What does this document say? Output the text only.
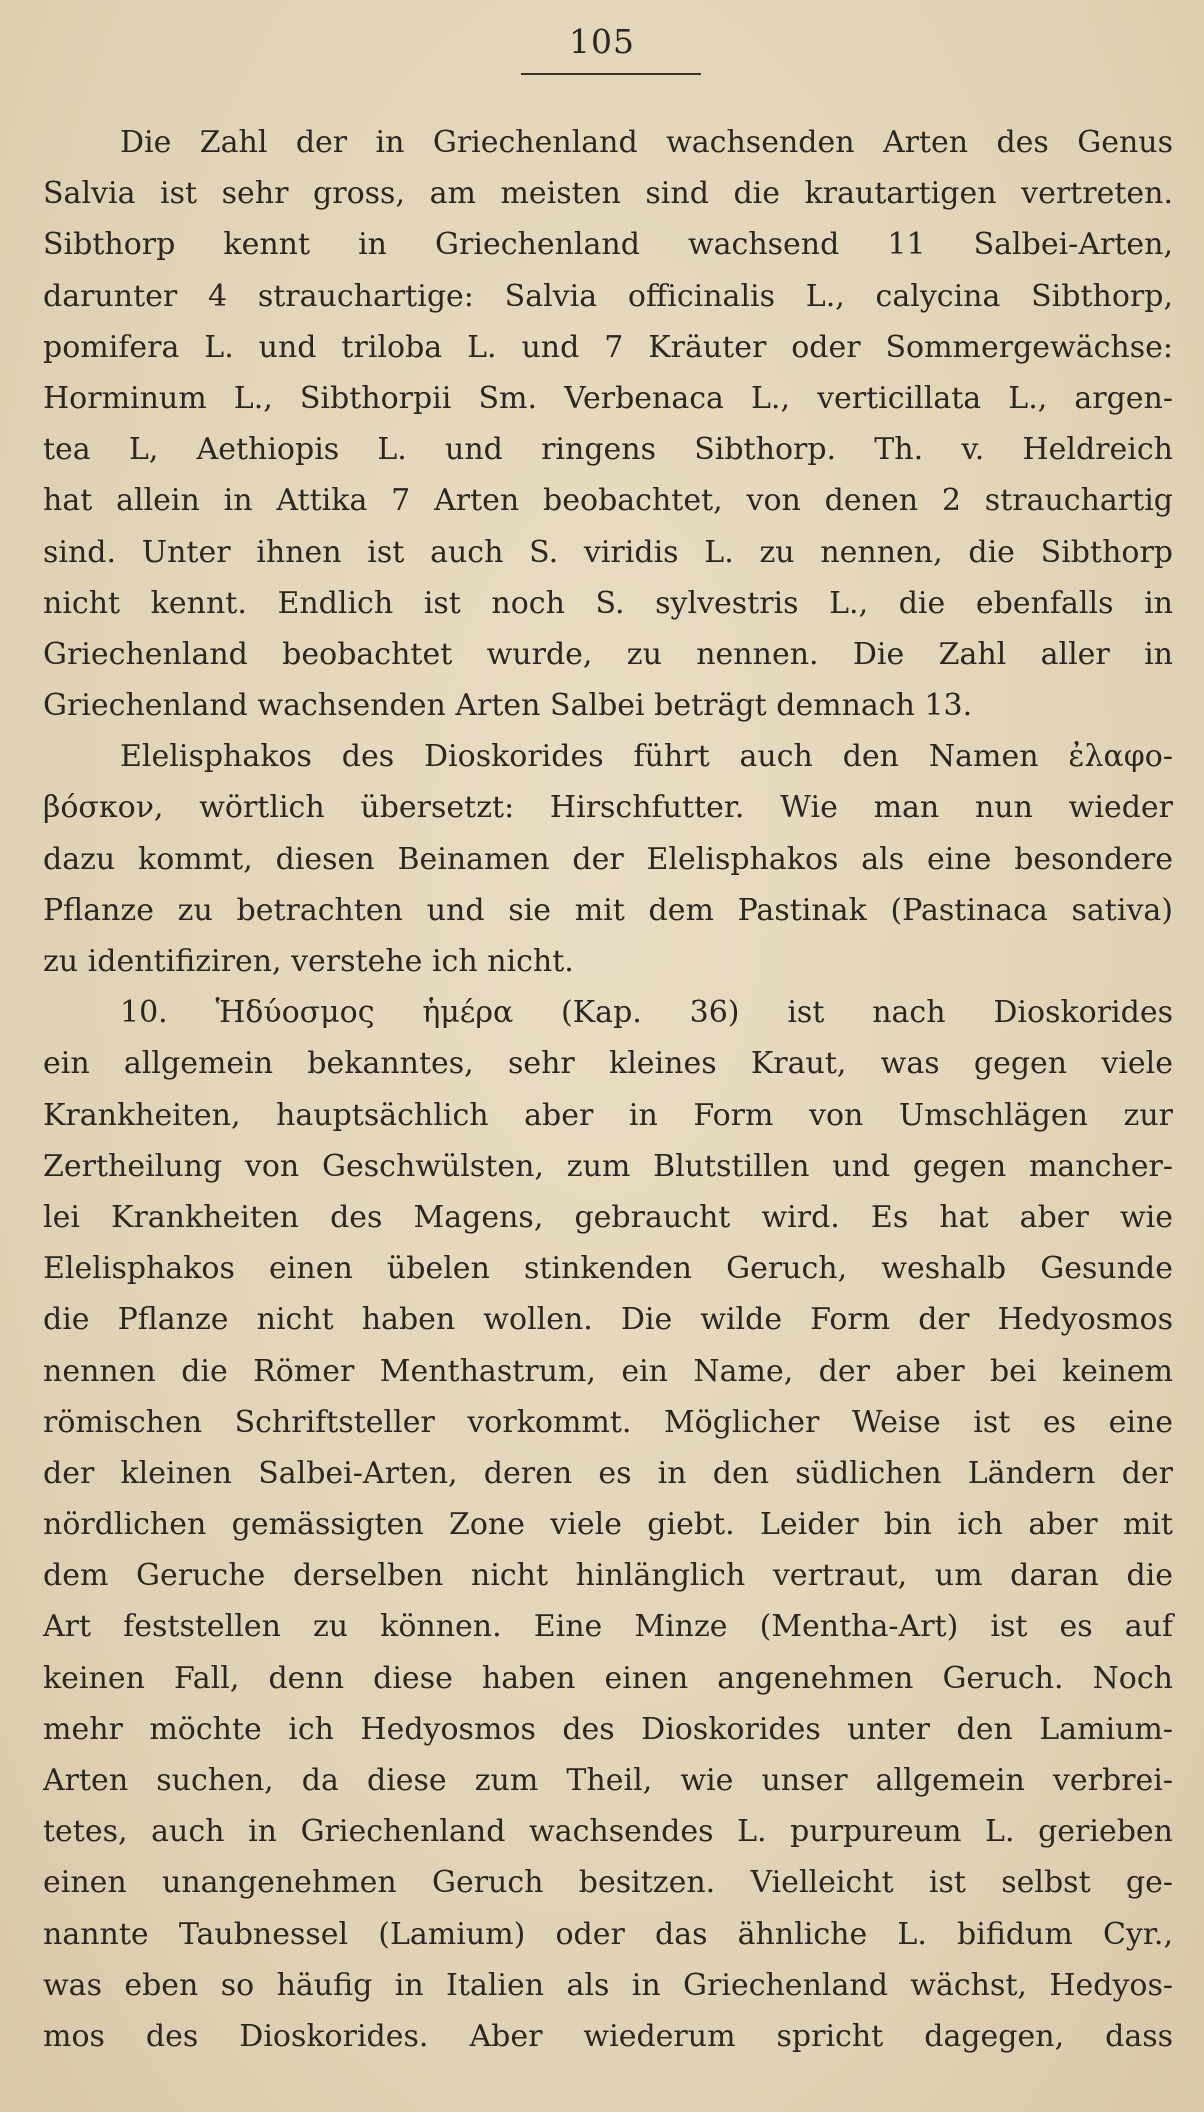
105
Die Zahl der in Griechenland wachsenden Arten des Genus
Salvia ist sehr gross, am meisten sind die krautartigen vertreten.
Sibthorp kennt in Griechenland wachsend 11 Salbei-Arten,
darunter 4 strauchartige: Salvia officinalis L., calycina Sibthorp,
pomifera L. und triloba L. und 7 Kräuter oder Sommergewächse:
Horminum L., Sibthorpii Sm. Verbenaca L., verticillata L., argen-
tea L, Aethiopis L. und ringens Sibthorp. Th. v. Heldreich
hat allein in Attika 7 Arten beobachtet, von denen 2 strauchartig
sind. Unter ihnen ist auch S. viridis L. zu nennen, die Sibthorp
nicht kennt. Endlich ist noch S. sylvestris L., die ebenfalls in
Griechenland beobachtet wurde, zu nennen. Die Zahl aller in
Griechenland wachsenden Arten Salbei beträgt demnach 13.
Elelisphakos des Dioskorides führt auch den Namen ἐλαφο-
βόσκον, wörtlich übersetzt: Hirschfutter. Wie man nun wieder
dazu kommt, diesen Beinamen der Elelisphakos als eine besondere
Pflanze zu betrachten und sie mit dem Pastinak (Pastinaca sativa)
zu identifiziren, verstehe ich nicht.
10. Ἡδύοσμος ἡμέρα (Kap. 36) ist nach Dioskorides
ein allgemein bekanntes, sehr kleines Kraut, was gegen viele
Krankheiten, hauptsächlich aber in Form von Umschlägen zur
Zertheilung von Geschwülsten, zum Blutstillen und gegen mancher-
lei Krankheiten des Magens, gebraucht wird. Es hat aber wie
Elelisphakos einen übelen stinkenden Geruch, weshalb Gesunde
die Pflanze nicht haben wollen. Die wilde Form der Hedyosmos
nennen die Römer Menthastrum, ein Name, der aber bei keinem
römischen Schriftsteller vorkommt. Möglicher Weise ist es eine
der kleinen Salbei-Arten, deren es in den südlichen Ländern der
nördlichen gemässigten Zone viele giebt. Leider bin ich aber mit
dem Geruche derselben nicht hinlänglich vertraut, um daran die
Art feststellen zu können. Eine Minze (Mentha-Art) ist es auf
keinen Fall, denn diese haben einen angenehmen Geruch. Noch
mehr möchte ich Hedyosmos des Dioskorides unter den Lamium-
Arten suchen, da diese zum Theil, wie unser allgemein verbrei-
tetes, auch in Griechenland wachsendes L. purpureum L. gerieben
einen unangenehmen Geruch besitzen. Vielleicht ist selbst ge-
nannte Taubnessel (Lamium) oder das ähnliche L. bifidum Cyr.,
was eben so häufig in Italien als in Griechenland wächst, Hedyos-
mos des Dioskorides. Aber wiederum spricht dagegen, dass
